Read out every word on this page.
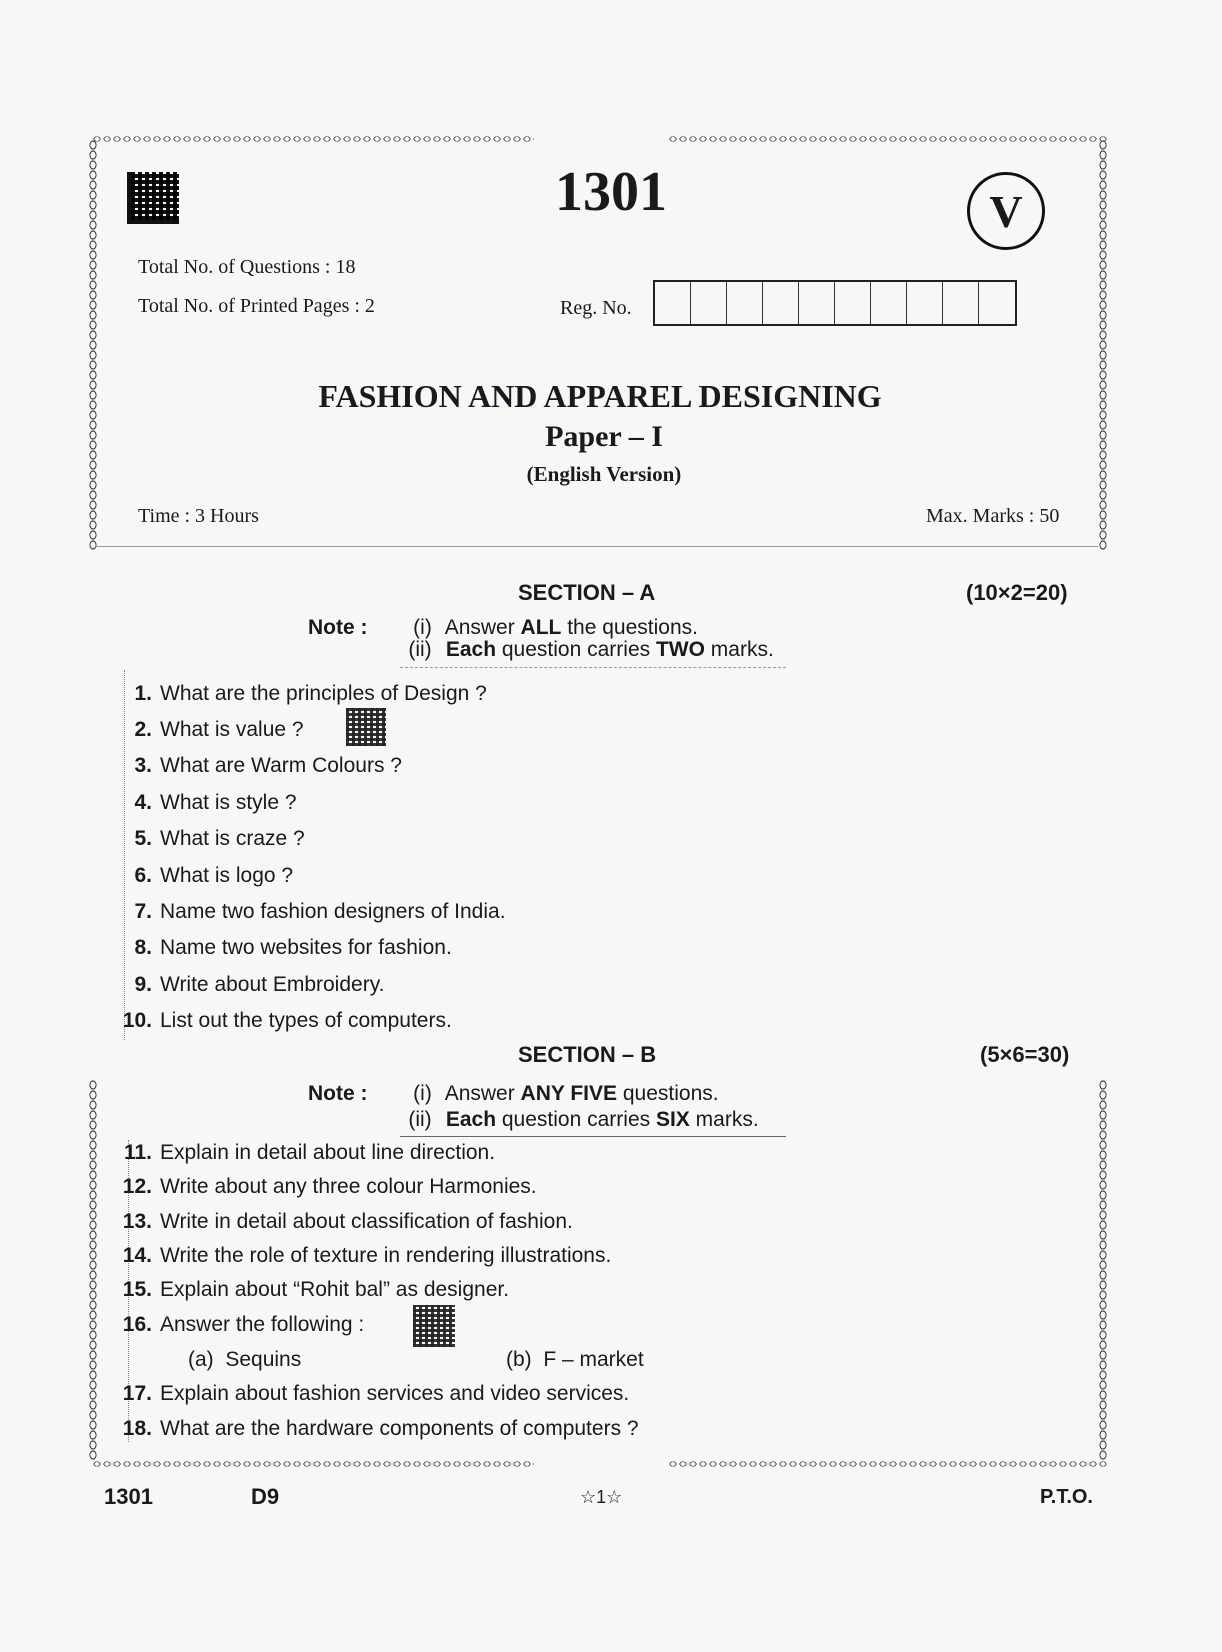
1301	V
Total No. of Questions : 18
Total No. of Printed Pages : 2	Reg. No.
FASHION AND APPAREL DESIGNING
Paper – I
(English Version)
Time : 3 Hours	Max. Marks : 50
SECTION – A	(10×2=20)
Note :	(i) Answer ALL the questions.
(ii) Each question carries TWO marks.
1. What are the principles of Design ?
2. What is value ?
3. What are Warm Colours ?
4. What is style ?
5. What is craze ?
6. What is logo ?
7. Name two fashion designers of India.
8. Name two websites for fashion.
9. Write about Embroidery.
10. List out the types of computers.
SECTION – B	(5×6=30)
Note :	(i) Answer ANY FIVE questions.
(ii) Each question carries SIX marks.
11. Explain in detail about line direction.
12. Write about any three colour Harmonies.
13. Write in detail about classification of fashion.
14. Write the role of texture in rendering illustrations.
15. Explain about “Rohit bal” as designer.
16. Answer the following :
(a)  Sequins	(b)  F – market
17. Explain about fashion services and video services.
18. What are the hardware components of computers ?
1301	D9	☆1☆	P.T.O.
